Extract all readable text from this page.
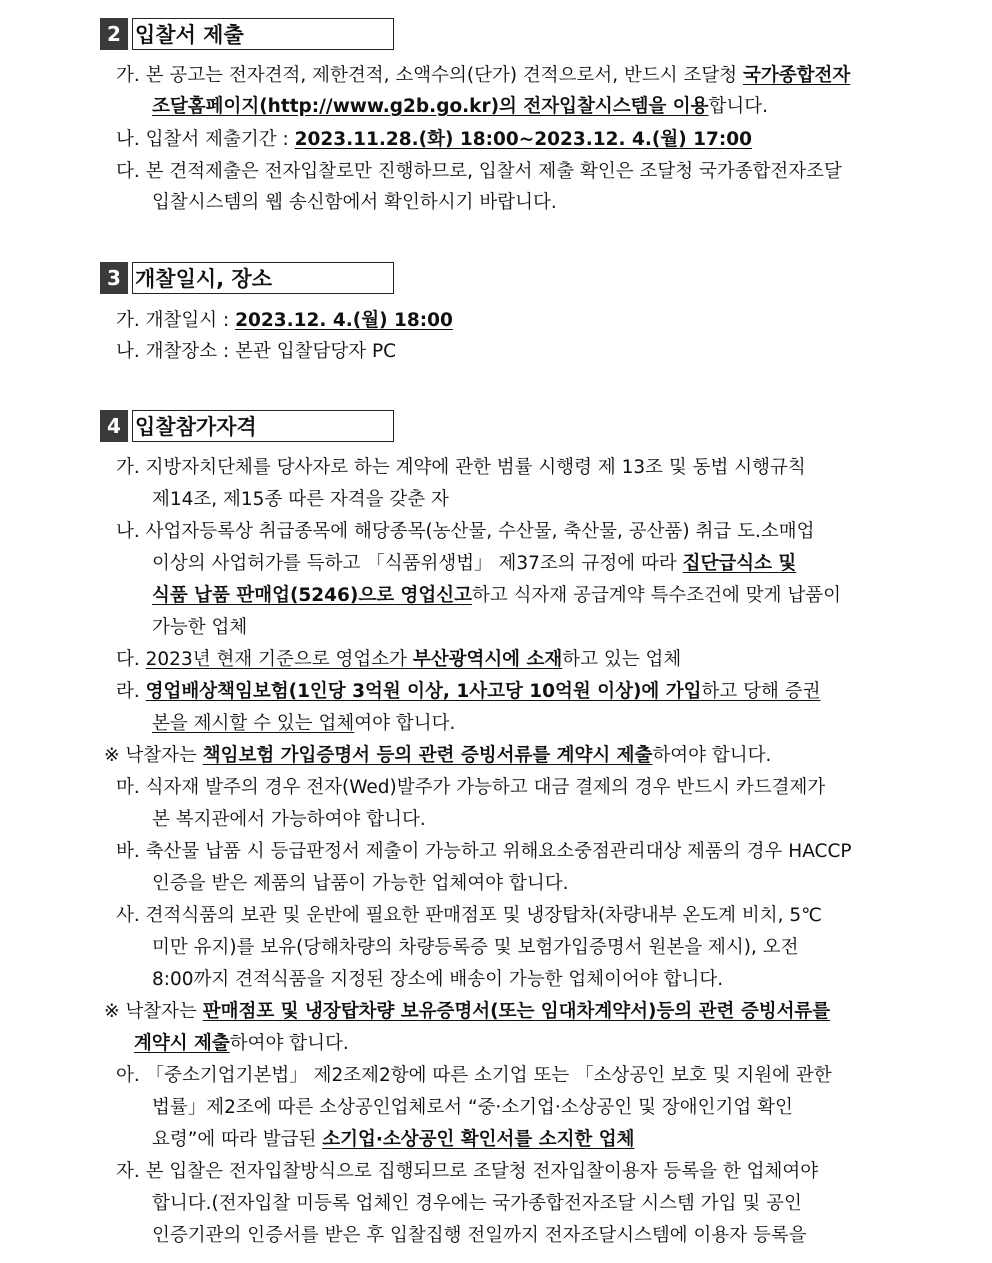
2 입찰서 제출
가. 본 공고는 전자견적, 제한견적, 소액수의(단가) 견적으로서, 반드시 조달청 국가종합전자
조달홈페이지(http://www.g2b.go.kr)의 전자입찰시스템을 이용합니다.
나. 입찰서 제출기간 : 2023.11.28.(화) 18:00~2023.12. 4.(월) 17:00
다. 본 견적제출은 전자입찰로만 진행하므로, 입찰서 제출 확인은 조달청 국가종합전자조달
입찰시스템의 웹 송신함에서 확인하시기 바랍니다.
3 개찰일시, 장소
가. 개찰일시 : 2023.12. 4.(월) 18:00
나. 개찰장소 : 본관 입찰담당자 PC
4 입찰참가자격
가. 지방자치단체를 당사자로 하는 계약에 관한 범률 시행령 제 13조 및 동법 시행규칙
제14조, 제15종 따른 자격을 갖춘 자
나. 사업자등록상 취급종목에 해당종목(농산물, 수산물, 축산물, 공산품) 취급 도.소매업
이상의 사업허가를 득하고 「식품위생법」 제37조의 규정에 따라 집단급식소 및
식품 납품 판매업(5246)으로 영업신고하고 식자재 공급계약 특수조건에 맞게 납품이
가능한 업체
다. 2023년 현재 기준으로 영업소가 부산광역시에 소재하고 있는 업체
라. 영업배상책임보험(1인당 3억원 이상, 1사고당 10억원 이상)에 가입하고 당해 증권
본을 제시할 수 있는 업체여야 합니다.
※ 낙찰자는 책임보험 가입증명서 등의 관련 증빙서류를 계약시 제출하여야 합니다.
마. 식자재 발주의 경우 전자(Wed)발주가 가능하고 대금 결제의 경우 반드시 카드결제가
본 복지관에서 가능하여야 합니다.
바. 축산물 납품 시 등급판정서 제출이 가능하고 위해요소중점관리대상 제품의 경우 HACCP
인증을 받은 제품의 납품이 가능한 업체여야 합니다.
사. 견적식품의 보관 및 운반에 필요한 판매점포 및 냉장탑차(차량내부 온도계 비치, 5℃
미만 유지)를 보유(당해차량의 차량등록증 및 보험가입증명서 원본을 제시), 오전
8:00까지 견적식품을 지정된 장소에 배송이 가능한 업체이어야 합니다.
※ 낙찰자는 판매점포 및 냉장탑차량 보유증명서(또는 임대차계약서)등의 관련 증빙서류를
계약시 제출하여야 합니다.
아. 「중소기업기본법」 제2조제2항에 따른 소기업 또는 「소상공인 보호 및 지원에 관한
법률」제2조에 따른 소상공인업체로서 “중·소기업·소상공인 및 장애인기업 확인
요령”에 따라 발급된 소기업·소상공인 확인서를 소지한 업체
자. 본 입찰은 전자입찰방식으로 집행되므로 조달청 전자입찰이용자 등록을 한 업체여야
합니다.(전자입찰 미등록 업체인 경우에는 국가종합전자조달 시스템 가입 및 공인
인증기관의 인증서를 받은 후 입찰집행 전일까지 전자조달시스템에 이용자 등록을
